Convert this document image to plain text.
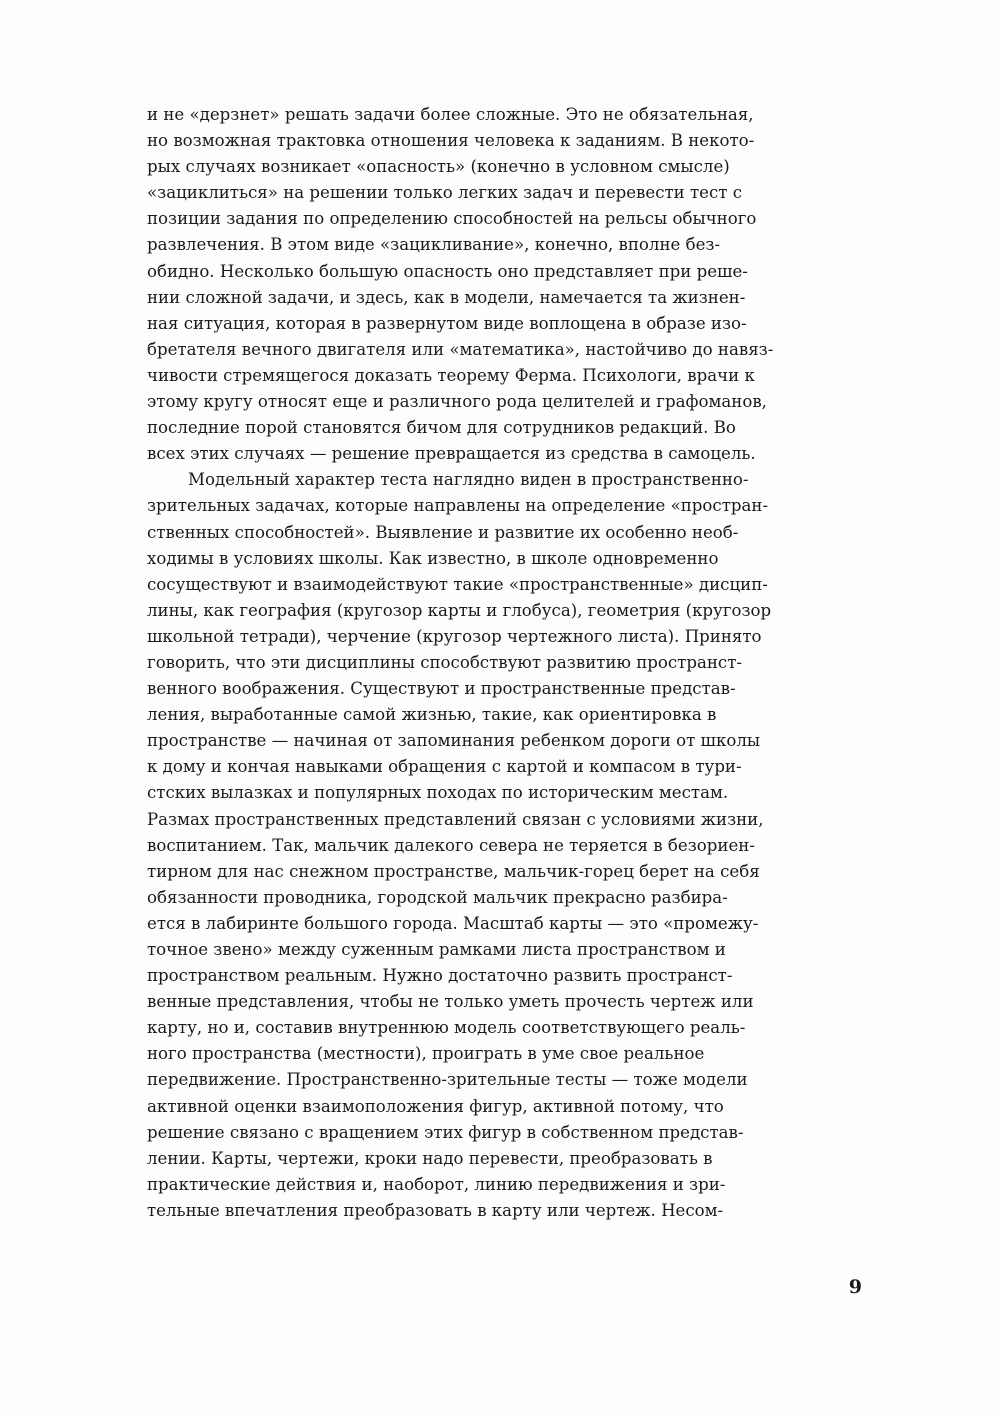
и не «дерзнет» решать задачи более сложные. Это не обязательная,
но возможная трактовка отношения человека к заданиям. В некото-
рых случаях возникает «опасность» (конечно в условном смысле)
«зациклиться» на решении только легких задач и перевести тест с
позиции задания по определению способностей на рельсы обычного
развлечения. В этом виде «зацикливание», конечно, вполне без-
обидно. Несколько большую опасность оно представляет при реше-
нии сложной задачи, и здесь, как в модели, намечается та жизнен-
ная ситуация, которая в развернутом виде воплощена в образе изо-
бретателя вечного двигателя или «математика», настойчиво до навяз-
чивости стремящегося доказать теорему Ферма. Психологи, врачи к
этому кругу относят еще и различного рода целителей и графоманов,
последние порой становятся бичом для сотрудников редакций. Во
всех этих случаях — решение превращается из средства в самоцель.
Модельный характер теста наглядно виден в пространственно-
зрительных задачах, которые направлены на определение «простран-
ственных способностей». Выявление и развитие их особенно необ-
ходимы в условиях школы. Как известно, в школе одновременно
сосуществуют и взаимодействуют такие «пространственные» дисцип-
лины, как география (кругозор карты и глобуса), геометрия (кругозор
школьной тетради), черчение (кругозор чертежного листа). Принято
говорить, что эти дисциплины способствуют развитию пространст-
венного воображения. Существуют и пространственные представ-
ления, выработанные самой жизнью, такие, как ориентировка в
пространстве — начиная от запоминания ребенком дороги от школы
к дому и кончая навыками обращения с картой и компасом в тури-
стских вылазках и популярных походах по историческим местам.
Размах пространственных представлений связан с условиями жизни,
воспитанием. Так, мальчик далекого севера не теряется в безориен-
тирном для нас снежном пространстве, мальчик-горец берет на себя
обязанности проводника, городской мальчик прекрасно разбира-
ется в лабиринте большого города. Масштаб карты — это «промежу-
точное звено» между суженным рамками листа пространством и
пространством реальным. Нужно достаточно развить пространст-
венные представления, чтобы не только уметь прочесть чертеж или
карту, но и, составив внутреннюю модель соответствующего реаль-
ного пространства (местности), проиграть в уме свое реальное
передвижение. Пространственно-зрительные тесты — тоже модели
активной оценки взаимоположения фигур, активной потому, что
решение связано с вращением этих фигур в собственном представ-
лении. Карты, чертежи, кроки надо перевести, преобразовать в
практические действия и, наоборот, линию передвижения и зри-
тельные впечатления преобразовать в карту или чертеж. Несом-
9
